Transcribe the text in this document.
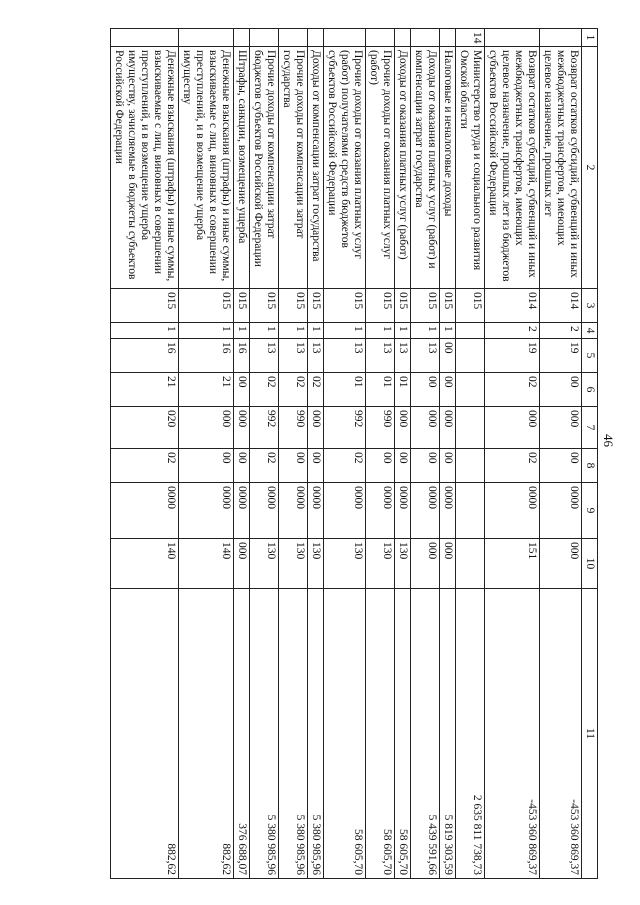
46
1	2	3	4	5	6	7	8	9	10	11
	Возврат остатков субсидий, субвенций и иных межбюджетных трансфертов, имеющих целевое назначение, прошлых лет	014	2	19	00	000	00	0000	000	-453 360 869,37
	Возврат остатков субсидий, субвенций и иных межбюджетных трансфертов, имеющих целевое назначение, прошлых лет из бюджетов субъектов Российской Федерации	014	2	19	02	000	02	0000	151	-453 360 869,37
14	Министерство труда и социального развития Омской области	015								2 635 811 738,73
	Налоговые и неналоговые доходы	015	1	00	00	000	00	0000	000	5 819 303,59
	Доходы от оказания платных услуг (работ) и компенсации затрат государства	015	1	13	00	000	00	0000	000	5 439 591,66
	Доходы от оказания платных услуг (работ)	015	1	13	01	000	00	0000	130	58 605,70
	Прочие доходы от оказания платных услуг (работ)	015	1	13	01	990	00	0000	130	58 605,70
	Прочие доходы от оказания платных услуг (работ) получателями средств бюджетов субъектов Российской Федерации	015	1	13	01	992	02	0000	130	58 605,70
	Доходы от компенсации затрат государства	015	1	13	02	000	00	0000	130	5 380 985,96
	Прочие доходы от компенсации затрат государства	015	1	13	02	990	00	0000	130	5 380 985,96
	Прочие доходы от компенсации затрат бюджетов субъектов Российской Федерации	015	1	13	02	992	02	0000	130	5 380 985,96
	Штрафы, санкции, возмещение ущерба	015	1	16	00	000	00	0000	000	376 688,07
	Денежные взыскания (штрафы) и иные суммы, взыскиваемые с лиц, виновных в совершении преступлений, и в возмещение ущерба имуществу	015	1	16	21	000	00	0000	140	882,62
	Денежные взыскания (штрафы) и иные суммы, взыскиваемые с лиц, виновных в совершении преступлений, и в возмещение ущерба имуществу, зачисляемые в бюджеты субъектов Российской Федерации	015	1	16	21	020	02	0000	140	882,62
